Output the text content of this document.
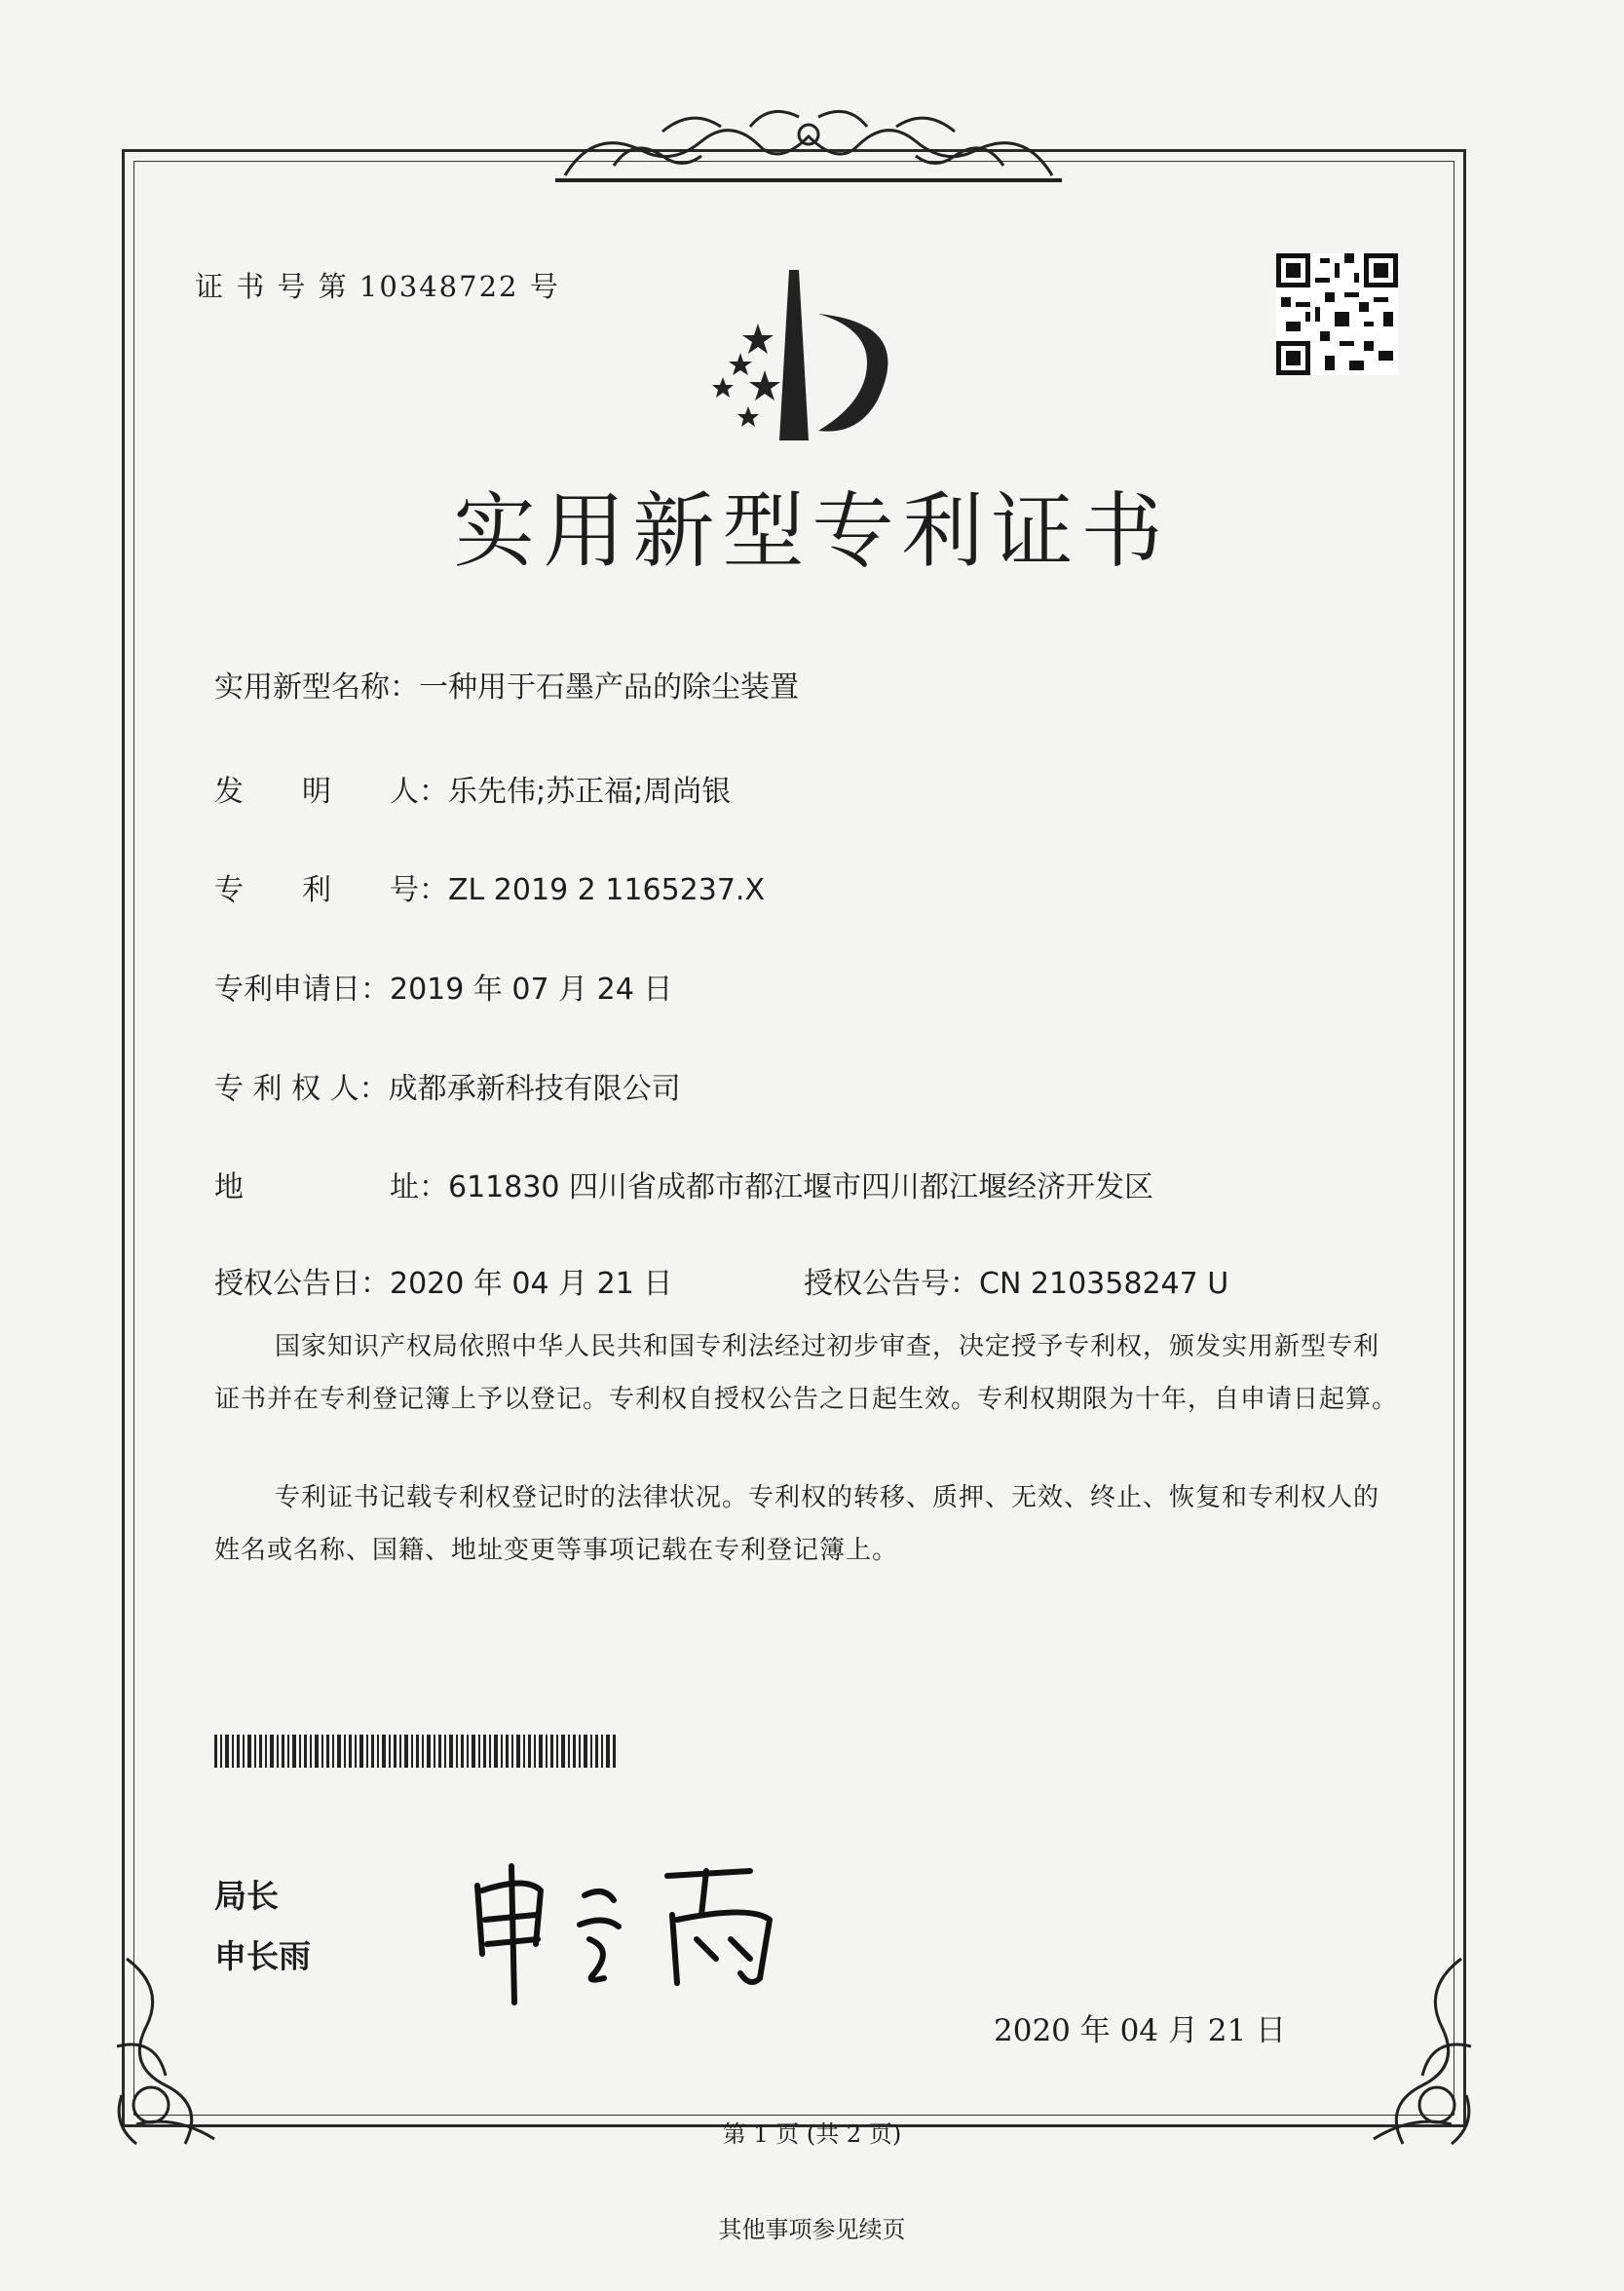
证 书 号 第 10348722 号
实用新型专利证书
实用新型名称：一种用于石墨产品的除尘装置
发　　明　　人：乐先伟;苏正福;周尚银
专　　利　　号：ZL 2019 2 1165237.X
专利申请日：2019 年 07 月 24 日
专 利 权 人：成都承新科技有限公司
地　　　　　址：611830 四川省成都市都江堰市四川都江堰经济开发区
授权公告日：2020 年 04 月 21 日	授权公告号：CN 210358247 U
国家知识产权局依照中华人民共和国专利法经过初步审查，决定授予专利权，颁发实用新型专利证书并在专利登记簿上予以登记。专利权自授权公告之日起生效。专利权期限为十年，自申请日起算。
专利证书记载专利权登记时的法律状况。专利权的转移、质押、无效、终止、恢复和专利权人的姓名或名称、国籍、地址变更等事项记载在专利登记簿上。
局长
申长雨
2020 年 04 月 21 日
第 1 页 (共 2 页)
其他事项参见续页
